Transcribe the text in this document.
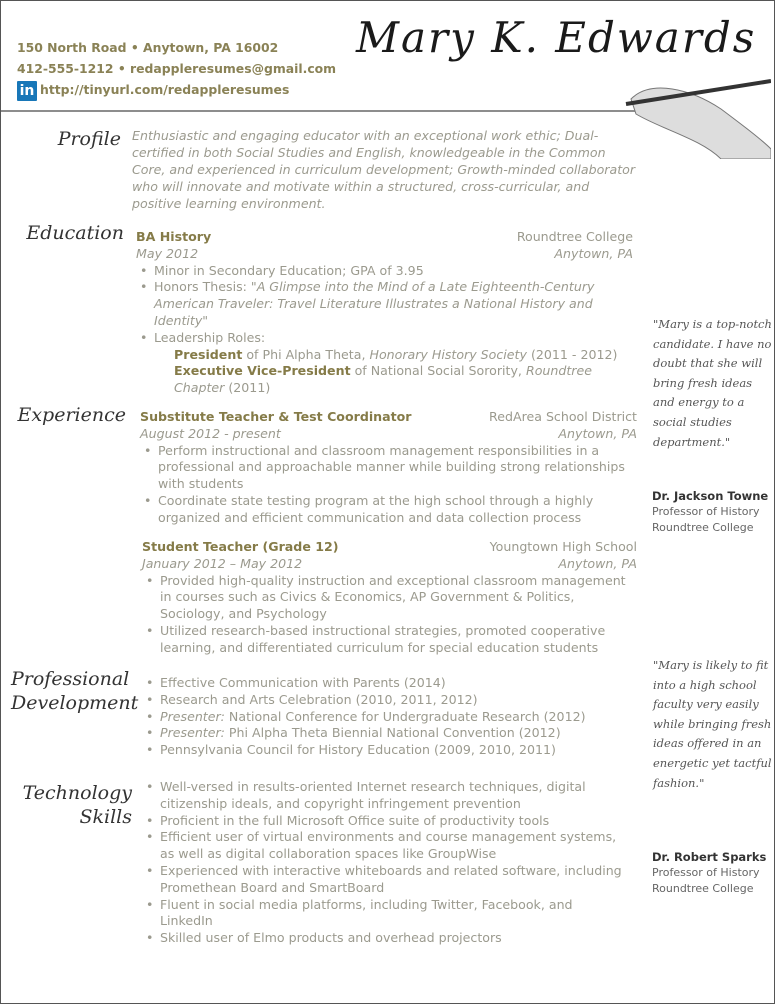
150 North Road • Anytown, PA 16002
412-555-1212 • redappleresumes@gmail.com
in http://tinyurl.com/redappleresumes
Mary K. Edwards
Profile Enthusiastic and engaging educator with an exceptional work ethic; Dual-certified in both Social Studies and English, knowledgeable in the Common Core, and experienced in curriculum development; Growth-minded collaborator who will innovate and motivate within a structured, cross-curricular, and positive learning environment.
Education BA History	Roundtree College
May 2012	Anytown, PA
• Minor in Secondary Education; GPA of 3.95
• Honors Thesis: "A Glimpse into the Mind of a Late Eighteenth-Century American Traveler: Travel Literature Illustrates a National History and Identity"
• Leadership Roles:
President of Phi Alpha Theta, Honorary History Society (2011 - 2012)
Executive Vice-President of National Social Sorority, Roundtree Chapter (2011)
Experience Substitute Teacher & Test Coordinator	RedArea School District
August 2012 - present	Anytown, PA
• Perform instructional and classroom management responsibilities in a professional and approachable manner while building strong relationships with students
• Coordinate state testing program at the high school through a highly organized and efficient communication and data collection process
Student Teacher (Grade 12)	Youngtown High School
January 2012 – May 2012	Anytown, PA
• Provided high-quality instruction and exceptional classroom management in courses such as Civics & Economics, AP Government & Politics, Sociology, and Psychology
• Utilized research-based instructional strategies, promoted cooperative learning, and differentiated curriculum for special education students
Professional
Development
• Effective Communication with Parents (2014)
• Research and Arts Celebration (2010, 2011, 2012)
• Presenter: National Conference for Undergraduate Research (2012)
• Presenter: Phi Alpha Theta Biennial National Convention (2012)
• Pennsylvania Council for History Education (2009, 2010, 2011)
Technology
Skills
• Well-versed in results-oriented Internet research techniques, digital citizenship ideals, and copyright infringement prevention
• Proficient in the full Microsoft Office suite of productivity tools
• Efficient user of virtual environments and course management systems, as well as digital collaboration spaces like GroupWise
• Experienced with interactive whiteboards and related software, including Promethean Board and SmartBoard
• Fluent in social media platforms, including Twitter, Facebook, and LinkedIn
• Skilled user of Elmo products and overhead projectors
"Mary is a top-notch candidate. I have no doubt that she will bring fresh ideas and energy to a social studies department."
Dr. Jackson Towne
Professor of History
Roundtree College
"Mary is likely to fit into a high school faculty very easily while bringing fresh ideas offered in an energetic yet tactful fashion."
Dr. Robert Sparks
Professor of History
Roundtree College
